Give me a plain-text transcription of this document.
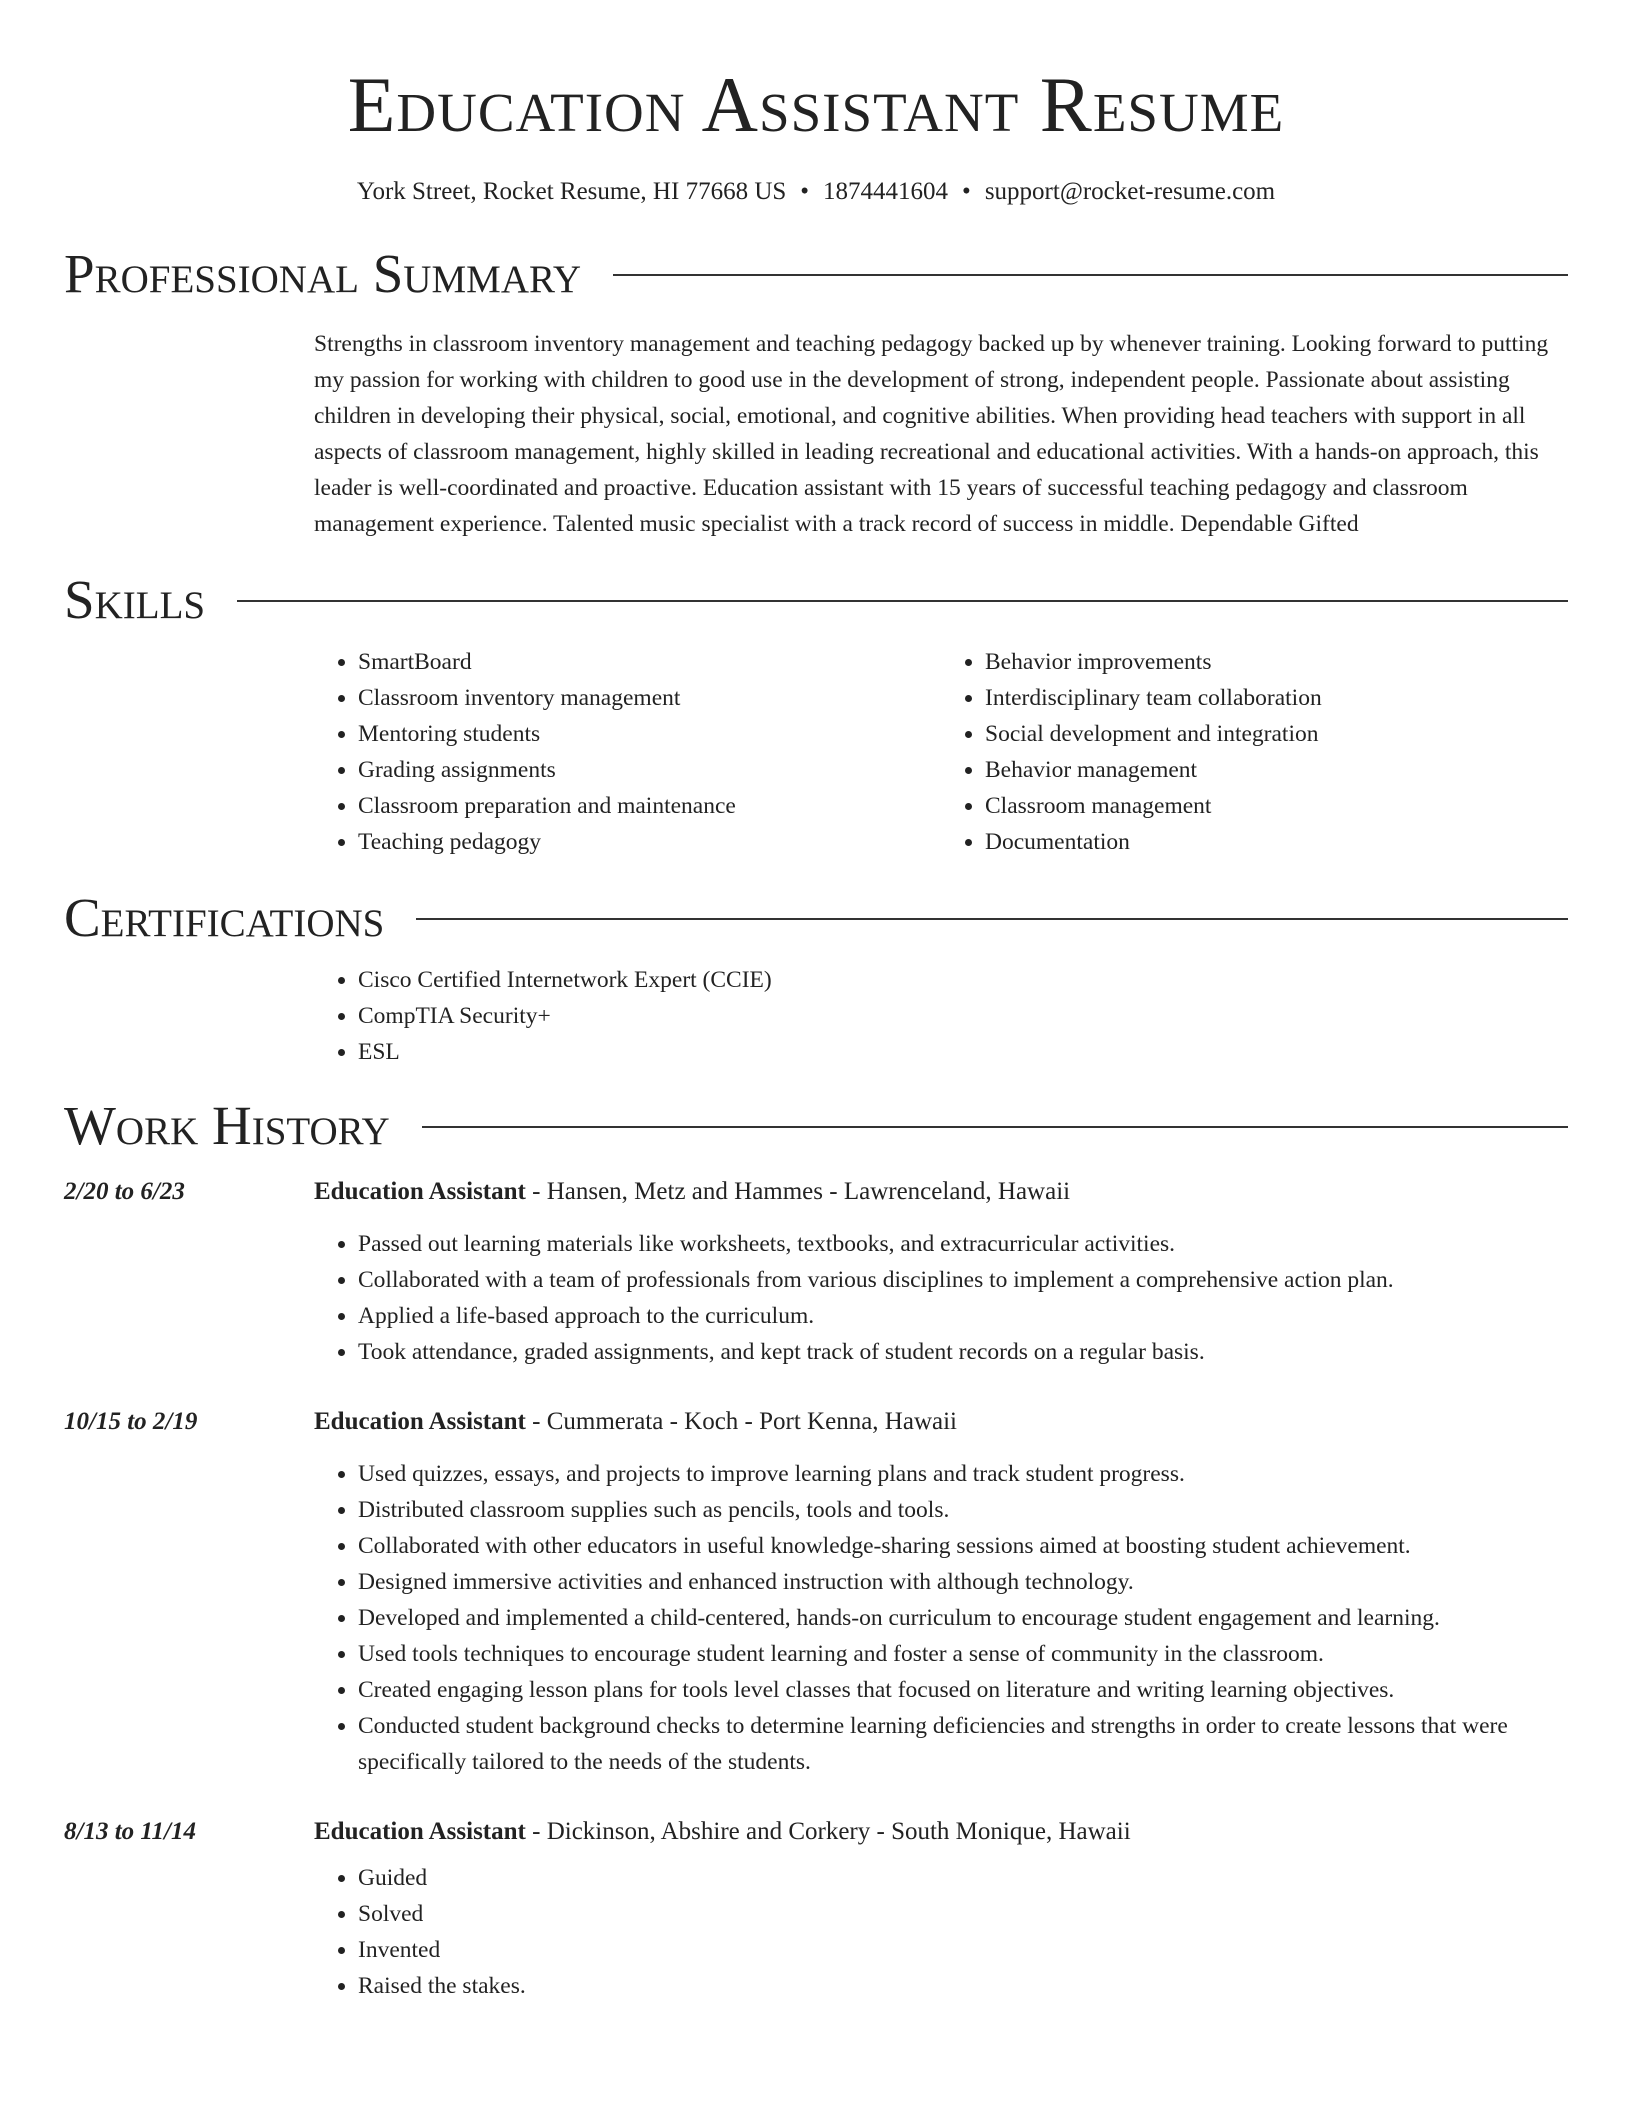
Education Assistant Resume
York Street, Rocket Resume, HI 77668 US • 1874441604 • support@rocket-resume.com
Professional Summary
Strengths in classroom inventory management and teaching pedagogy backed up by whenever training. Looking forward to putting my passion for working with children to good use in the development of strong, independent people. Passionate about assisting children in developing their physical, social, emotional, and cognitive abilities. When providing head teachers with support in all aspects of classroom management, highly skilled in leading recreational and educational activities. With a hands-on approach, this leader is well-coordinated and proactive. Education assistant with 15 years of successful teaching pedagogy and classroom management experience. Talented music specialist with a track record of success in middle. Dependable Gifted
Skills
• SmartBoard
• Classroom inventory management
• Mentoring students
• Grading assignments
• Classroom preparation and maintenance
• Teaching pedagogy
• Behavior improvements
• Interdisciplinary team collaboration
• Social development and integration
• Behavior management
• Classroom management
• Documentation
Certifications
• Cisco Certified Internetwork Expert (CCIE)
• CompTIA Security+
• ESL
Work History
2/20 to 6/23	Education Assistant - Hansen, Metz and Hammes - Lawrenceland, Hawaii
• Passed out learning materials like worksheets, textbooks, and extracurricular activities.
• Collaborated with a team of professionals from various disciplines to implement a comprehensive action plan.
• Applied a life-based approach to the curriculum.
• Took attendance, graded assignments, and kept track of student records on a regular basis.
10/15 to 2/19	Education Assistant - Cummerata - Koch - Port Kenna, Hawaii
• Used quizzes, essays, and projects to improve learning plans and track student progress.
• Distributed classroom supplies such as pencils, tools and tools.
• Collaborated with other educators in useful knowledge-sharing sessions aimed at boosting student achievement.
• Designed immersive activities and enhanced instruction with although technology.
• Developed and implemented a child-centered, hands-on curriculum to encourage student engagement and learning.
• Used tools techniques to encourage student learning and foster a sense of community in the classroom.
• Created engaging lesson plans for tools level classes that focused on literature and writing learning objectives.
• Conducted student background checks to determine learning deficiencies and strengths in order to create lessons that were specifically tailored to the needs of the students.
8/13 to 11/14	Education Assistant - Dickinson, Abshire and Corkery - South Monique, Hawaii
• Guided
• Solved
• Invented
• Raised the stakes.
